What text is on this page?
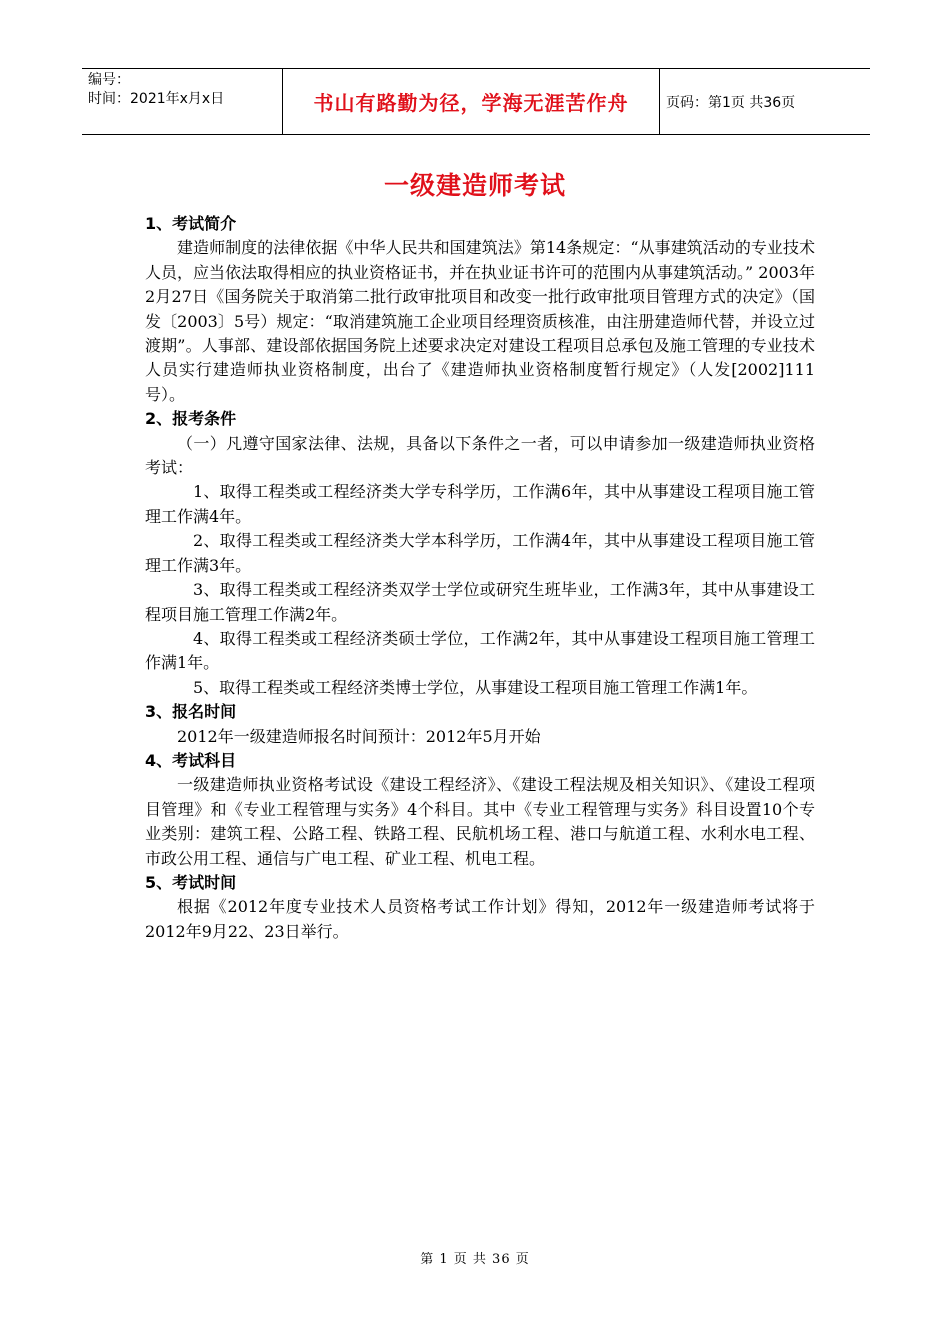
编号：
时间：2021年x月x日	书山有路勤为径，学海无涯苦作舟	页码：第1页 共36页
一级建造师考试

1、考试简介

建造师制度的法律依据《中华人民共和国建筑法》第14条规定：“从事建筑活动的专业技术人员，应当依法取得相应的执业资格证书，并在执业证书许可的范围内从事建筑活动。” 2003年2月27日《国务院关于取消第二批行政审批项目和改变一批行政审批项目管理方式的决定》（国发〔2003〕5号）规定：“取消建筑施工企业项目经理资质核准，由注册建造师代替，并设立过渡期”。人事部、建设部依据国务院上述要求决定对建设工程项目总承包及施工管理的专业技术人员实行建造师执业资格制度，出台了《建造师执业资格制度暂行规定》（人发[2002]111号）。

2、报考条件

（一）凡遵守国家法律、法规，具备以下条件之一者，可以申请参加一级建造师执业资格考试：

1、取得工程类或工程经济类大学专科学历，工作满6年，其中从事建设工程项目施工管理工作满4年。

2、取得工程类或工程经济类大学本科学历，工作满4年，其中从事建设工程项目施工管理工作满3年。

3、取得工程类或工程经济类双学士学位或研究生班毕业，工作满3年，其中从事建设工程项目施工管理工作满2年。

4、取得工程类或工程经济类硕士学位，工作满2年，其中从事建设工程项目施工管理工作满1年。

5、取得工程类或工程经济类博士学位，从事建设工程项目施工管理工作满1年。

3、报名时间

2012年一级建造师报名时间预计：2012年5月开始

4、考试科目

一级建造师执业资格考试设《建设工程经济》、《建设工程法规及相关知识》、《建设工程项目管理》和《专业工程管理与实务》4个科目。其中《专业工程管理与实务》科目设置10个专业类别：建筑工程、公路工程、铁路工程、民航机场工程、港口与航道工程、水利水电工程、市政公用工程、通信与广电工程、矿业工程、机电工程。

5、考试时间

根据《2012年度专业技术人员资格考试工作计划》得知，2012年一级建造师考试将于2012年9月22、23日举行。

第 1 页 共 36 页
